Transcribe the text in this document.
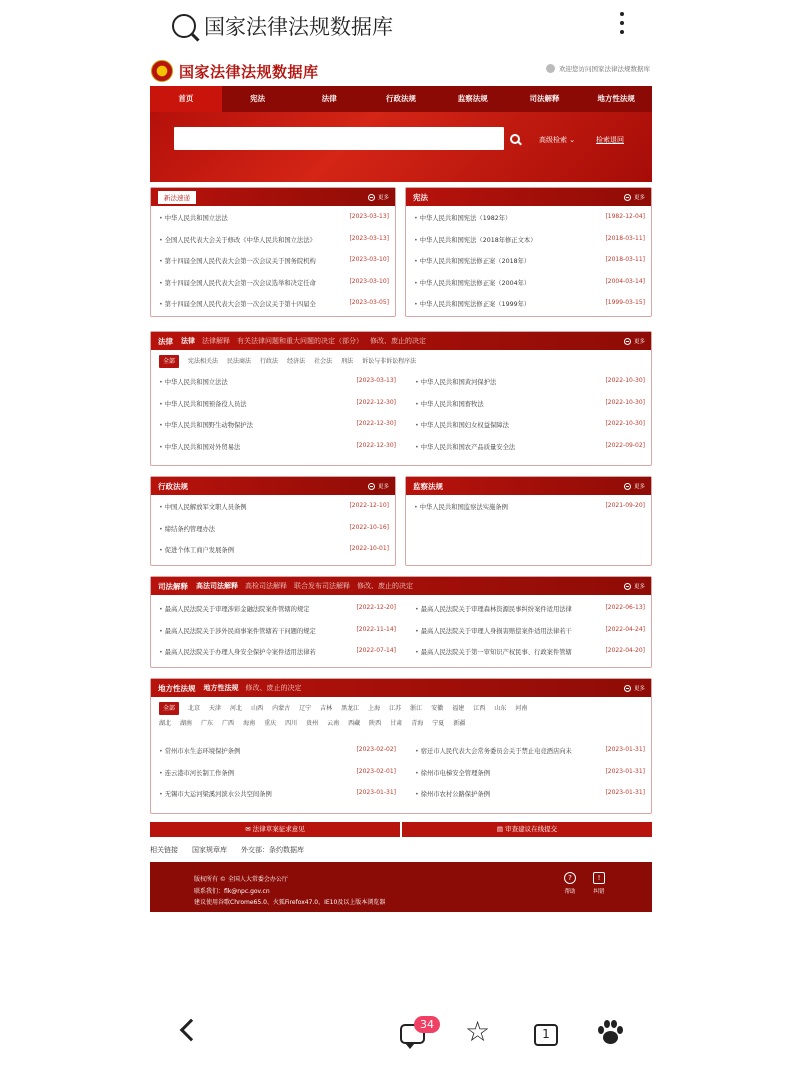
国家法律法规数据库
国家法律法规数据库	欢迎您访问国家法律法规数据库
首页	宪法	法律	行政法规	监察法规	司法解释	地方性法规
高级检索 ⌄	检索退回
新法速递	更多
• 中华人民共和国立法法	[2023-03-13]
• 全国人民代表大会关于修改《中华人民共和国立法法》	[2023-03-13]
• 第十四届全国人民代表大会第一次会议关于国务院机构	[2023-03-10]
• 第十四届全国人民代表大会第一次会议选举和决定任命	[2023-03-10]
• 第十四届全国人民代表大会第一次会议关于第十四届全	[2023-03-05]
宪法	更多
• 中华人民共和国宪法（1982年）	[1982-12-04]
• 中华人民共和国宪法（2018年修正文本）	[2018-03-11]
• 中华人民共和国宪法修正案（2018年）	[2018-03-11]
• 中华人民共和国宪法修正案（2004年）	[2004-03-14]
• 中华人民共和国宪法修正案（1999年）	[1999-03-15]
法律 法律 法律解释 有关法律问题和重大问题的决定（部分） 修改、废止的决定	更多
全部	宪法相关法 民法商法 行政法 经济法 社会法 刑法 诉讼与非诉讼程序法
• 中华人民共和国立法法	[2023-03-13]
• 中华人民共和国预备役人员法	[2022-12-30]
• 中华人民共和国野生动物保护法	[2022-12-30]
• 中华人民共和国对外贸易法	[2022-12-30]
• 中华人民共和国黄河保护法	[2022-10-30]
• 中华人民共和国畜牧法	[2022-10-30]
• 中华人民共和国妇女权益保障法	[2022-10-30]
• 中华人民共和国农产品质量安全法	[2022-09-02]
行政法规	更多
• 中国人民解放军文职人员条例	[2022-12-10]
• 缔结条约管理办法	[2022-10-16]
• 促进个体工商户发展条例	[2022-10-01]
监察法规	更多
• 中华人民共和国监察法实施条例	[2021-09-20]
司法解释 高法司法解释 高检司法解释 联合发布司法解释 修改、废止的决定	更多
• 最高人民法院关于审理涉彩金融法院案件管辖的规定	[2022-12-20]
• 最高人民法院关于涉外民商事案件管辖若干问题的规定	[2022-11-14]
• 最高人民法院关于办理人身安全保护令案件适用法律若	[2022-07-14]
• 最高人民法院关于审理森林资源民事纠纷案件适用法律	[2022-06-13]
• 最高人民法院关于审理人身损害赔偿案件适用法律若干	[2022-04-24]
• 最高人民法院关于第一审知识产权民事、行政案件管辖	[2022-04-20]
地方性法规 地方性法规 修改、废止的决定	更多
全部	北京 天津 河北 山西 内蒙古 辽宁 吉林 黑龙江 上海 江苏 浙江 安徽 福建 江西 山东 河南
湖北 湖南 广东 广西 海南 重庆 四川 贵州 云南 西藏 陕西 甘肃 青海 宁夏 新疆
• 常州市水生态环境保护条例	[2023-02-02]
• 连云港市河长制工作条例	[2023-02-01]
• 无锡市大运河梁溪河滨水公共空间条例	[2023-01-31]
• 宿迁市人民代表大会常务委员会关于禁止电竞酒店向未	[2023-01-31]
• 徐州市电梯安全管理条例	[2023-01-31]
• 徐州市农村公路保护条例	[2023-01-31]
✉ 法律草案征求意见	▤ 审查建议在线提交
相关链接 国家规章库 外交部：条约数据库
版权所有 © 全国人大常委会办公厅
联系我们：flk@npc.gov.cn
建议使用谷歌Chrome65.0、火狐Firefox47.0、IE10及以上版本浏览器
?
帮助
!
纠错
34 ☆	1
